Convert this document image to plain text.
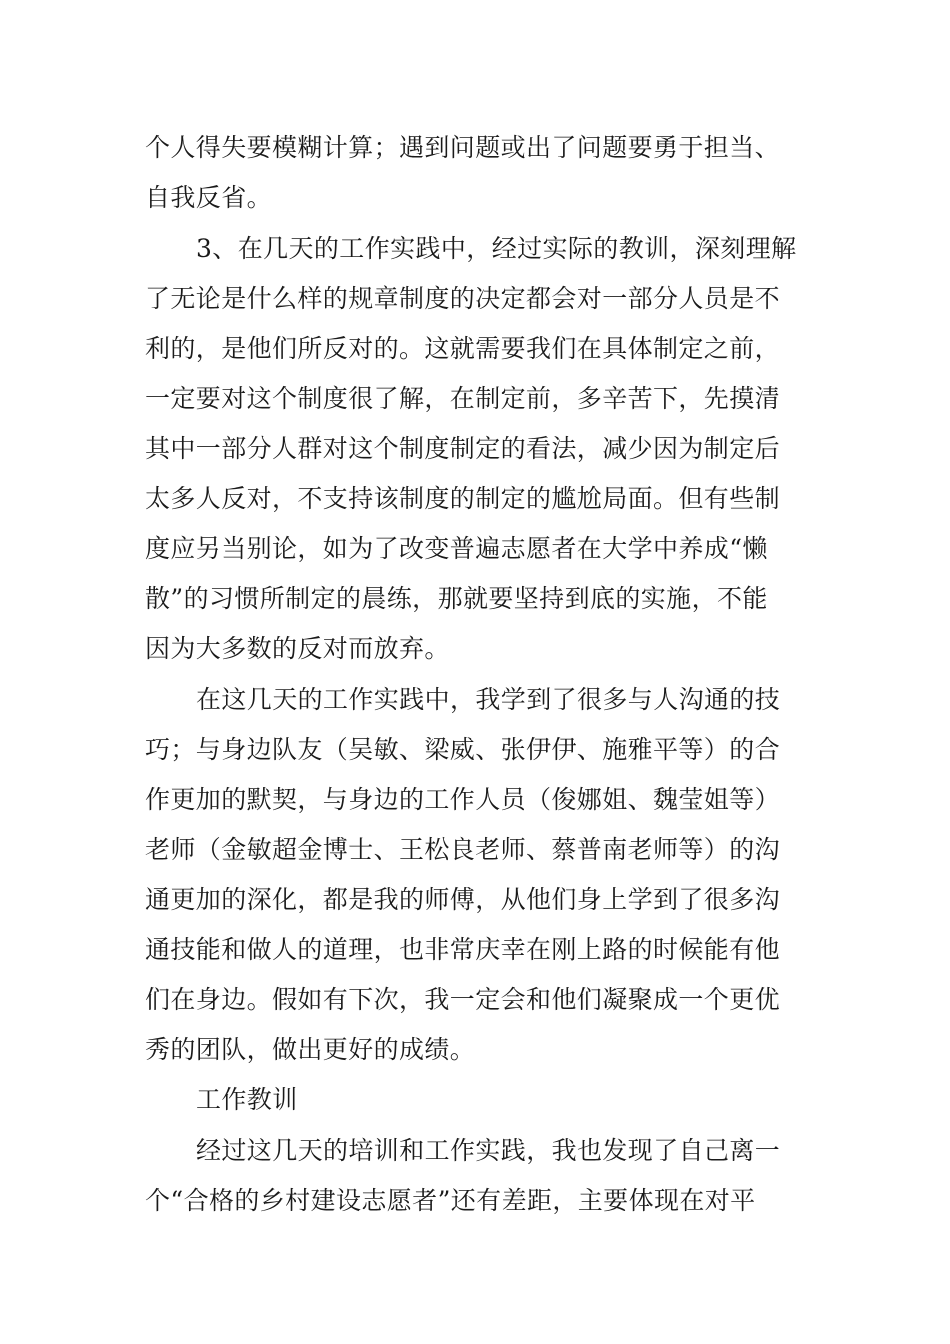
个人得失要模糊计算；遇到问题或出了问题要勇于担当、

自我反省。

3、在几天的工作实践中，经过实际的教训，深刻理解

了无论是什么样的规章制度的决定都会对一部分人员是不

利的，是他们所反对的。这就需要我们在具体制定之前，

一定要对这个制度很了解，在制定前，多辛苦下，先摸清

其中一部分人群对这个制度制定的看法，减少因为制定后

太多人反对，不支持该制度的制定的尴尬局面。但有些制

度应另当别论，如为了改变普遍志愿者在大学中养成“懒

散”的习惯所制定的晨练，那就要坚持到底的实施，不能

因为大多数的反对而放弃。

在这几天的工作实践中，我学到了很多与人沟通的技

巧；与身边队友（吴敏、梁威、张伊伊、施雅平等）的合

作更加的默契，与身边的工作人员（俊娜姐、魏莹姐等）

老师（金敏超金博士、王松良老师、蔡普南老师等）的沟

通更加的深化，都是我的师傅，从他们身上学到了很多沟

通技能和做人的道理，也非常庆幸在刚上路的时候能有他

们在身边。假如有下次，我一定会和他们凝聚成一个更优

秀的团队，做出更好的成绩。

工作教训

经过这几天的培训和工作实践，我也发现了自己离一

个“合格的乡村建设志愿者”还有差距，主要体现在对平
